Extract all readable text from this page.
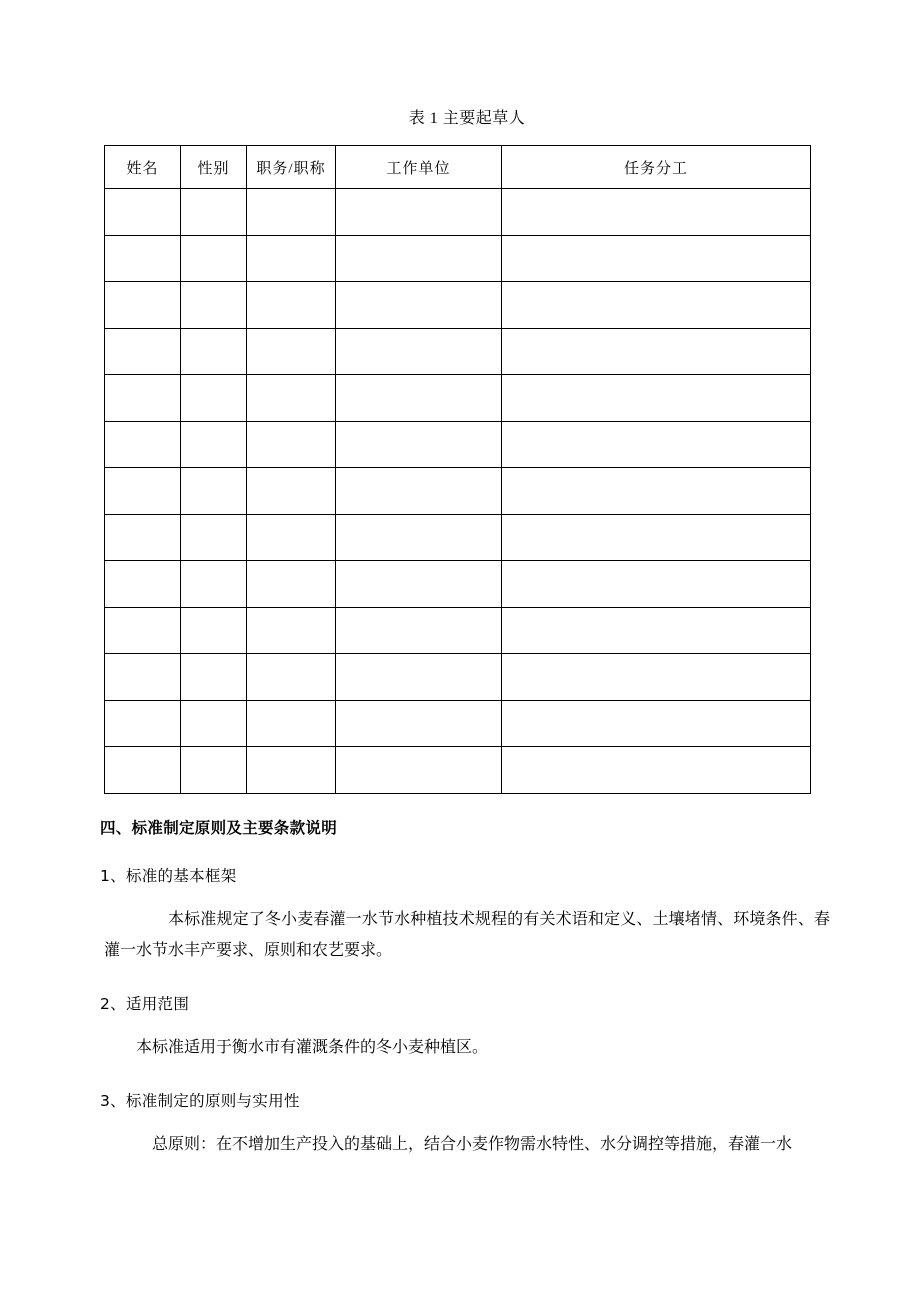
表 1 主要起草人
姓名	性别	职务/职称	工作单位	任务分工

四、标准制定原则及主要条款说明
1、标准的基本框架

本标准规定了冬小麦春灌一水节水种植技术规程的有关术语和定义、土壤堵情、环境条件、春灌一水节水丰产要求、原则和农艺要求。

2、适用范围

本标准适用于衡水市有灌溉条件的冬小麦种植区。

3、标准制定的原则与实用性

总原则：在不增加生产投入的基础上，结合小麦作物需水特性、水分调控等措施，春灌一水
